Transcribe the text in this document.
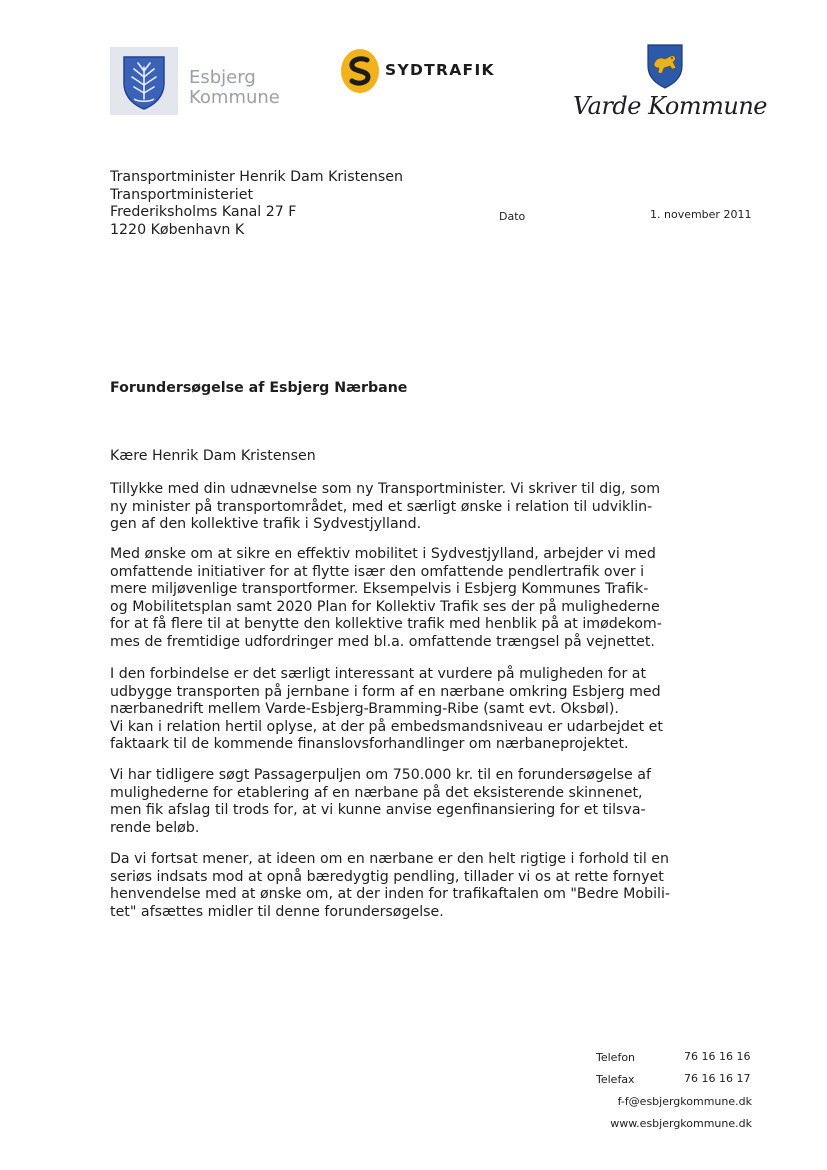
Esbjerg
Kommune
SYDTRAFIK
Varde Kommune
Transportminister Henrik Dam Kristensen
Transportministeriet
Frederiksholms Kanal 27 F
1220 København K
Dato	1. november 2011
Forundersøgelse af Esbjerg Nærbane
Kære Henrik Dam Kristensen
Tillykke med din udnævnelse som ny Transportminister. Vi skriver til dig, som
ny minister på transportområdet, med et særligt ønske i relation til udviklin-
gen af den kollektive trafik i Sydvestjylland.
Med ønske om at sikre en effektiv mobilitet i Sydvestjylland, arbejder vi med
omfattende initiativer for at flytte især den omfattende pendlertrafik over i
mere miljøvenlige transportformer. Eksempelvis i Esbjerg Kommunes Trafik-
og Mobilitetsplan samt 2020 Plan for Kollektiv Trafik ses der på mulighederne
for at få flere til at benytte den kollektive trafik med henblik på at imødekom-
mes de fremtidige udfordringer med bl.a. omfattende trængsel på vejnettet.
I den forbindelse er det særligt interessant at vurdere på muligheden for at
udbygge transporten på jernbane i form af en nærbane omkring Esbjerg med
nærbanedrift mellem Varde-Esbjerg-Bramming-Ribe (samt evt. Oksbøl).
Vi kan i relation hertil oplyse, at der på embedsmandsniveau er udarbejdet et
faktaark til de kommende finanslovsforhandlinger om nærbaneprojektet.
Vi har tidligere søgt Passagerpuljen om 750.000 kr. til en forundersøgelse af
mulighederne for etablering af en nærbane på det eksisterende skinnenet,
men fik afslag til trods for, at vi kunne anvise egenfinansiering for et tilsva-
rende beløb.
Da vi fortsat mener, at ideen om en nærbane er den helt rigtige i forhold til en
seriøs indsats mod at opnå bæredygtig pendling, tillader vi os at rette fornyet
henvendelse med at ønske om, at der inden for trafikaftalen om "Bedre Mobili-
tet" afsættes midler til denne forundersøgelse.
Telefon	76 16 16 16
Telefax	76 16 16 17
f-f@esbjergkommune.dk
www.esbjergkommune.dk
